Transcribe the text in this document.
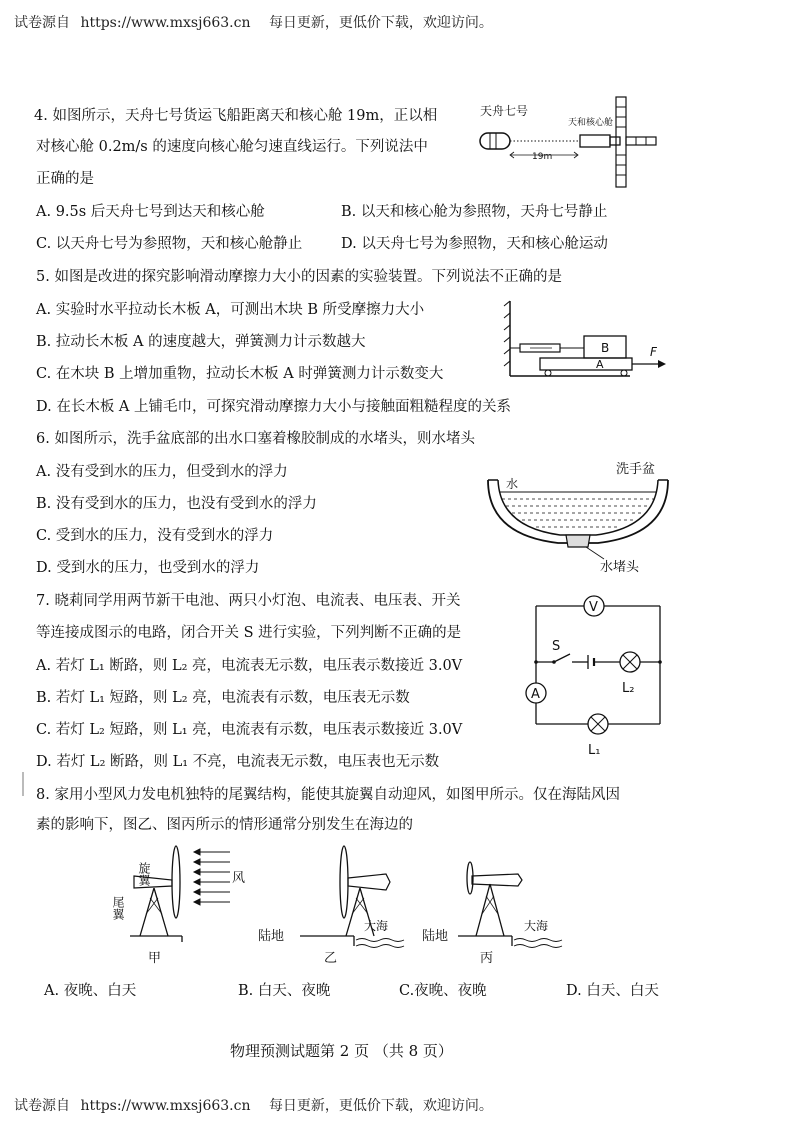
试卷源自 https://www.mxsj663.cn 每日更新，更低价下载，欢迎访问。
4. 如图所示，天舟七号货运飞船距离天和核心舱 19m，正以相
对核心舱 0.2m/s 的速度向核心舱匀速直线运行。下列说法中
正确的是
A. 9.5s 后天舟七号到达天和核心舱	B. 以天和核心舱为参照物，天舟七号静止
C. 以天舟七号为参照物，天和核心舱静止	D. 以天舟七号为参照物，天和核心舱运动
天舟七号
19m
天和核心舱
5. 如图是改进的探究影响滑动摩擦力大小的因素的实验装置。下列说法不正确的是
A. 实验时水平拉动长木板 A，可测出木块 B 所受摩擦力大小
B. 拉动长木板 A 的速度越大，弹簧测力计示数越大
C. 在木块 B 上增加重物，拉动长木板 A 时弹簧测力计示数变大
D. 在长木板 A 上铺毛巾，可探究滑动摩擦力大小与接触面粗糙程度的关系
B
A
F
6. 如图所示，洗手盆底部的出水口塞着橡胶制成的水堵头，则水堵头
A. 没有受到水的压力，但受到水的浮力
B. 没有受到水的压力，也没有受到水的浮力
C. 受到水的压力，没有受到水的浮力
D. 受到水的压力，也受到水的浮力
洗手盆
水
水堵头
7. 晓莉同学用两节新干电池、两只小灯泡、电流表、电压表、开关
等连接成图示的电路，闭合开关 S 进行实验，下列判断不正确的是
A. 若灯 L₁ 断路，则 L₂ 亮，电流表无示数，电压表示数接近 3.0V
B. 若灯 L₁ 短路，则 L₂ 亮，电流表有示数，电压表无示数
C. 若灯 L₂ 短路，则 L₁ 亮，电流表有示数，电压表示数接近 3.0V
D. 若灯 L₂ 断路，则 L₁ 不亮，电流表无示数，电压表也无示数
V
A
S
L₂
L₁
8. 家用小型风力发电机独特的尾翼结构，能使其旋翼自动迎风，如图甲所示。仅在海陆风因
素的影响下，图乙、图丙所示的情形通常分别发生在海边的
旋翼
尾翼
风
甲
陆地
大海
乙
陆地
大海
丙
A. 夜晚、白天	B. 白天、夜晚	C.夜晚、夜晚	D. 白天、白天
物理预测试题第 2 页 （共 8 页）
试卷源自 https://www.mxsj663.cn 每日更新，更低价下载，欢迎访问。
